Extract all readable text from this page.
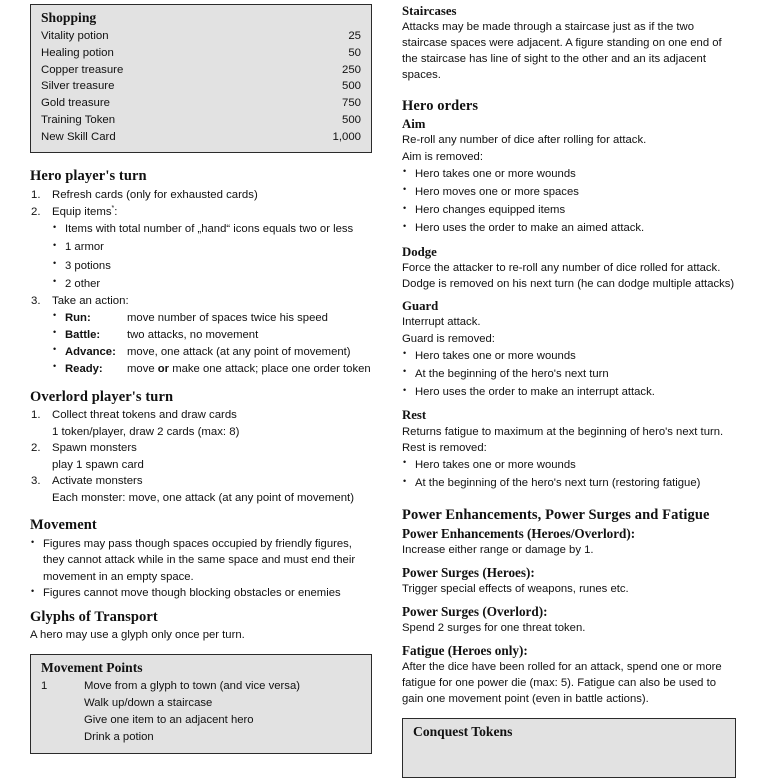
Shopping
Vitality potion	25
Healing potion	50
Copper treasure	250
Silver treasure	500
Gold treasure	750
Training Token	500
New Skill Card	1,000
Hero player's turn
1. Refresh cards (only for exhausted cards)
2. Equip items*:
• Items with total number of „hand“ icons equals two or less
• 1 armor
• 3 potions
• 2 other
3. Take an action:
• Run:	move number of spaces twice his speed
• Battle: two attacks, no movement
• Advance: move, one attack (at any point of movement)
• Ready: move or make one attack; place one order token
Overlord player's turn
1. Collect threat tokens and draw cards
1 token/player, draw 2 cards (max: 8)
2. Spawn monsters
play 1 spawn card
3. Activate monsters
Each monster: move, one attack (at any point of movement)
Movement
• Figures may pass though spaces occupied by friendly figures, they cannot attack while in the same space and must end their movement in an empty space.
• Figures cannot move though blocking obstacles or enemies
Glyphs of Transport

A hero may use a glyph only once per turn.

Movement Points
1	Move from a glyph to town (and vice versa)
Walk up/down a staircase
Give one item to an adjacent hero
Drink a potion
Staircases

Attacks may be made through a staircase just as if the two staircase spaces were adjacent. A figure standing on one end of the staircase has line of sight to the other and an its adjacent spaces.

Hero orders
Aim

Re-roll any number of dice after rolling for attack.

Aim is removed:

• Hero takes one or more wounds
• Hero moves one or more spaces
• Hero changes equipped items
• Hero uses the order to make an aimed attack.
Dodge

Force the attacker to re-roll any number of dice rolled for attack.

Dodge is removed on his next turn (he can dodge multiple attacks)

Guard

Interrupt attack.

Guard is removed:

• Hero takes one or more wounds
• At the beginning of the hero's next turn
• Hero uses the order to make an interrupt attack.
Rest

Returns fatigue to maximum at the beginning of hero's next turn.

Rest is removed:

• Hero takes one or more wounds
• At the beginning of the hero's next turn (restoring fatigue)
Power Enhancements, Power Surges and Fatigue
Power Enhancements (Heroes/Overlord):

Increase either range or damage by 1.

Power Surges (Heroes):

Trigger special effects of weapons, runes etc.

Power Surges (Overlord):

Spend 2 surges for one threat token.

Fatigue (Heroes only):

After the dice have been rolled for an attack, spend one or more fatigue for one power die (max: 5). Fatigue can also be used to gain one movement point (even in battle actions).

Conquest Tokens
